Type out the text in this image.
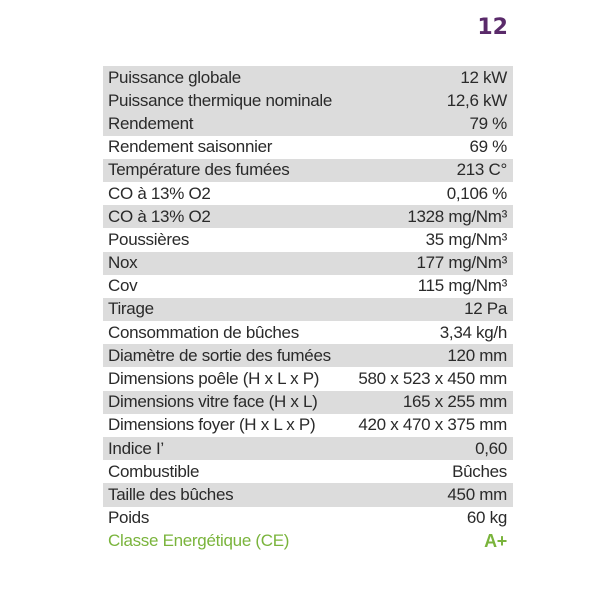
12
Puissance globale	12 kW
Puissance thermique nominale	12,6 kW
Rendement	79 %
Rendement saisonnier	69 %
Température des fumées	213 C°
CO à 13% O2	0,106 %
CO à 13% O2	1328 mg/Nm³
Poussières	35 mg/Nm³
Nox	177 mg/Nm³
Cov	115 mg/Nm³
Tirage	12 Pa
Consommation de bûches	3,34 kg/h
Diamètre de sortie des fumées	120 mm
Dimensions poêle (H x L x P) 580 x 523 x 450 mm
Dimensions vitre face (H x L)	165 x 255 mm
Dimensions foyer (H x L x P)	420 x 470 x 375 mm
Indice I’	0,60
Combustible	Bûches
Taille des bûches	450 mm
Poids	60 kg
Classe Energétique (CE)	A+
